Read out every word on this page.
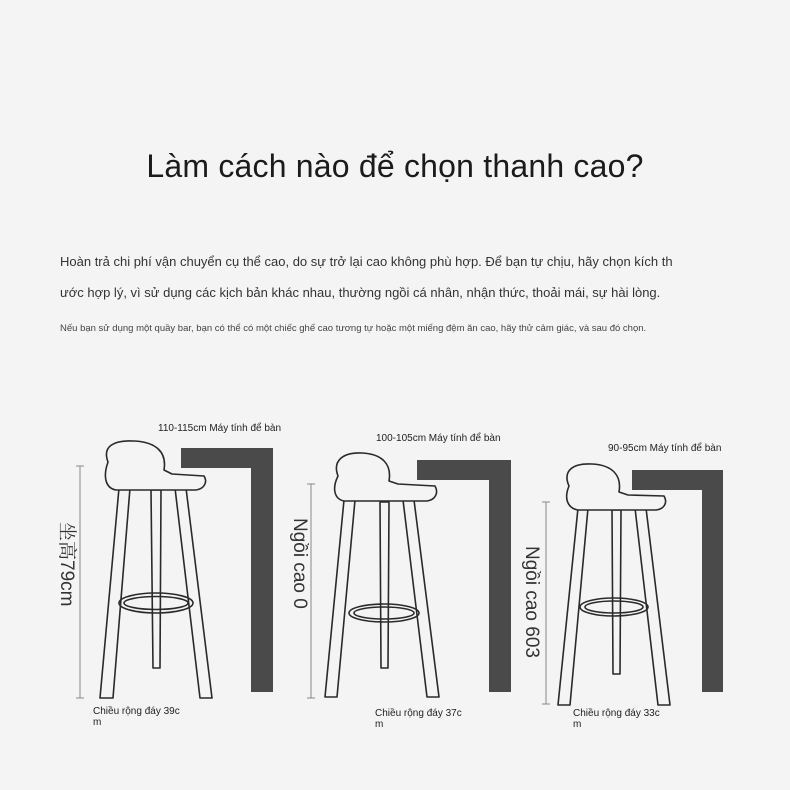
Làm cách nào để chọn thanh cao?
Hoàn trả chi phí vận chuyển cụ thể cao, do sự trở lại cao không phù hợp. Để bạn tự chịu, hãy chọn kích th
ước hợp lý, vì sử dụng các kịch bản khác nhau, thường ngồi cá nhân, nhận thức, thoải mái, sự hài lòng.
Nếu bạn sử dụng một quầy bar, bạn có thể có một chiếc ghế cao tương tự hoặc một miếng đệm ăn cao, hãy thử cảm giác, và sau đó chọn.
110-115cm Máy tính để bàn
100-105cm Máy tính để bàn
90-95cm Máy tính để bàn
坐高79cm	Ngồi cao 0	Ngồi cao 603
Chiều rộng đáy 39c
m
Chiều rộng đáy 37c
m
Chiều rộng đáy 33c
m
